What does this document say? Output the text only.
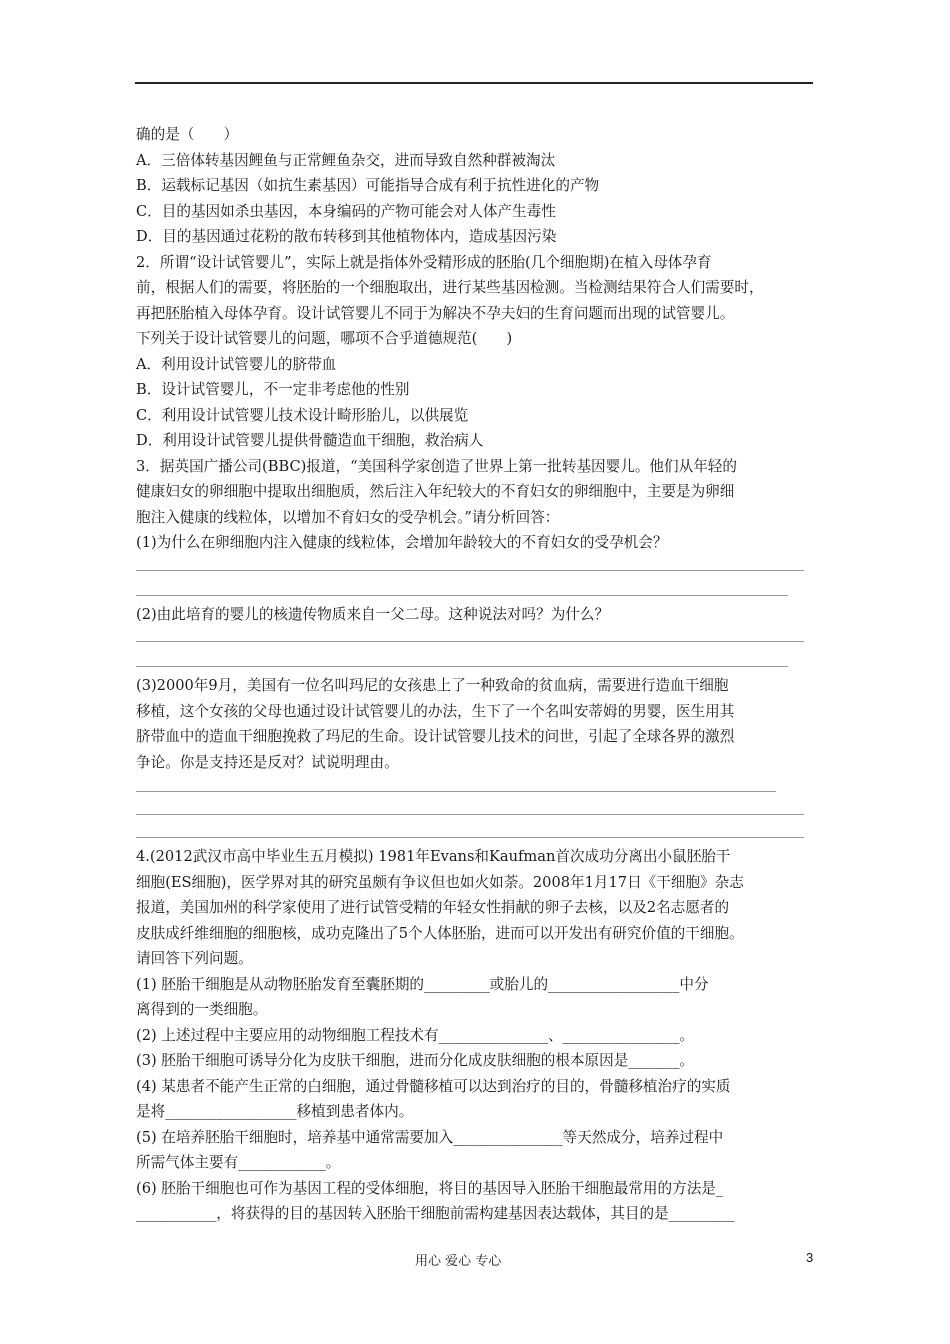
确的是（　　）
A．三倍体转基因鲤鱼与正常鲤鱼杂交，进而导致自然种群被淘汰
B．运载标记基因（如抗生素基因）可能指导合成有利于抗性进化的产物
C．目的基因如杀虫基因，本身编码的产物可能会对人体产生毒性
D．目的基因通过花粉的散布转移到其他植物体内，造成基因污染
2．所谓“设计试管婴儿”，实际上就是指体外受精形成的胚胎(几个细胞期)在植入母体孕育
前，根据人们的需要，将胚胎的一个细胞取出，进行某些基因检测。当检测结果符合人们需要时，
再把胚胎植入母体孕育。设计试管婴儿不同于为解决不孕夫妇的生育问题而出现的试管婴儿。
下列关于设计试管婴儿的问题，哪项不合乎道德规范(　　)
A．利用设计试管婴儿的脐带血
B．设计试管婴儿，不一定非考虑他的性别
C．利用设计试管婴儿技术设计畸形胎儿，以供展览
D．利用设计试管婴儿提供骨髓造血干细胞，救治病人
3．据英国广播公司(BBC)报道，“美国科学家创造了世界上第一批转基因婴儿。他们从年轻的
健康妇女的卵细胞中提取出细胞质，然后注入年纪较大的不育妇女的卵细胞中，主要是为卵细
胞注入健康的线粒体，以增加不育妇女的受孕机会。”请分析回答：
(1)为什么在卵细胞内注入健康的线粒体，会增加年龄较大的不育妇女的受孕机会？
(2)由此培育的婴儿的核遗传物质来自一父二母。这种说法对吗？为什么？
(3)2000年9月，美国有一位名叫玛尼的女孩患上了一种致命的贫血病，需要进行造血干细胞
移植，这个女孩的父母也通过设计试管婴儿的办法，生下了一个名叫安蒂姆的男婴，医生用其
脐带血中的造血干细胞挽救了玛尼的生命。设计试管婴儿技术的问世，引起了全球各界的激烈
争论。你是支持还是反对？试说明理由。
4.(2012武汉市高中毕业生五月模拟) 1981年Evans和Kaufman首次成功分离出小鼠胚胎干
细胞(ES细胞)，医学界对其的研究虽颇有争议但也如火如荼。2008年1月17日《干细胞》杂志
报道，美国加州的科学家使用了进行试管受精的年轻女性捐献的卵子去核，以及2名志愿者的
皮肤成纤维细胞的细胞核，成功克隆出了5个人体胚胎，进而可以开发出有研究价值的干细胞。
请回答下列问题。
(1) 胚胎干细胞是从动物胚胎发育至囊胚期的_________或胎儿的__________________中分
离得到的一类细胞。
(2) 上述过程中主要应用的动物细胞工程技术有_______________、________________。
(3) 胚胎干细胞可诱导分化为皮肤干细胞，进而分化成皮肤细胞的根本原因是_______。
(4) 某患者不能产生正常的白细胞，通过骨髓移植可以达到治疗的目的，骨髓移植治疗的实质
是将__________________移植到患者体内。
(5) 在培养胚胎干细胞时，培养基中通常需要加入_______________等天然成分，培养过程中
所需气体主要有____________。
(6) 胚胎干细胞也可作为基因工程的受体细胞，将目的基因导入胚胎干细胞最常用的方法是_
___________，将获得的目的基因转入胚胎干细胞前需构建基因表达载体，其目的是_________
用心 爱心 专心	3
